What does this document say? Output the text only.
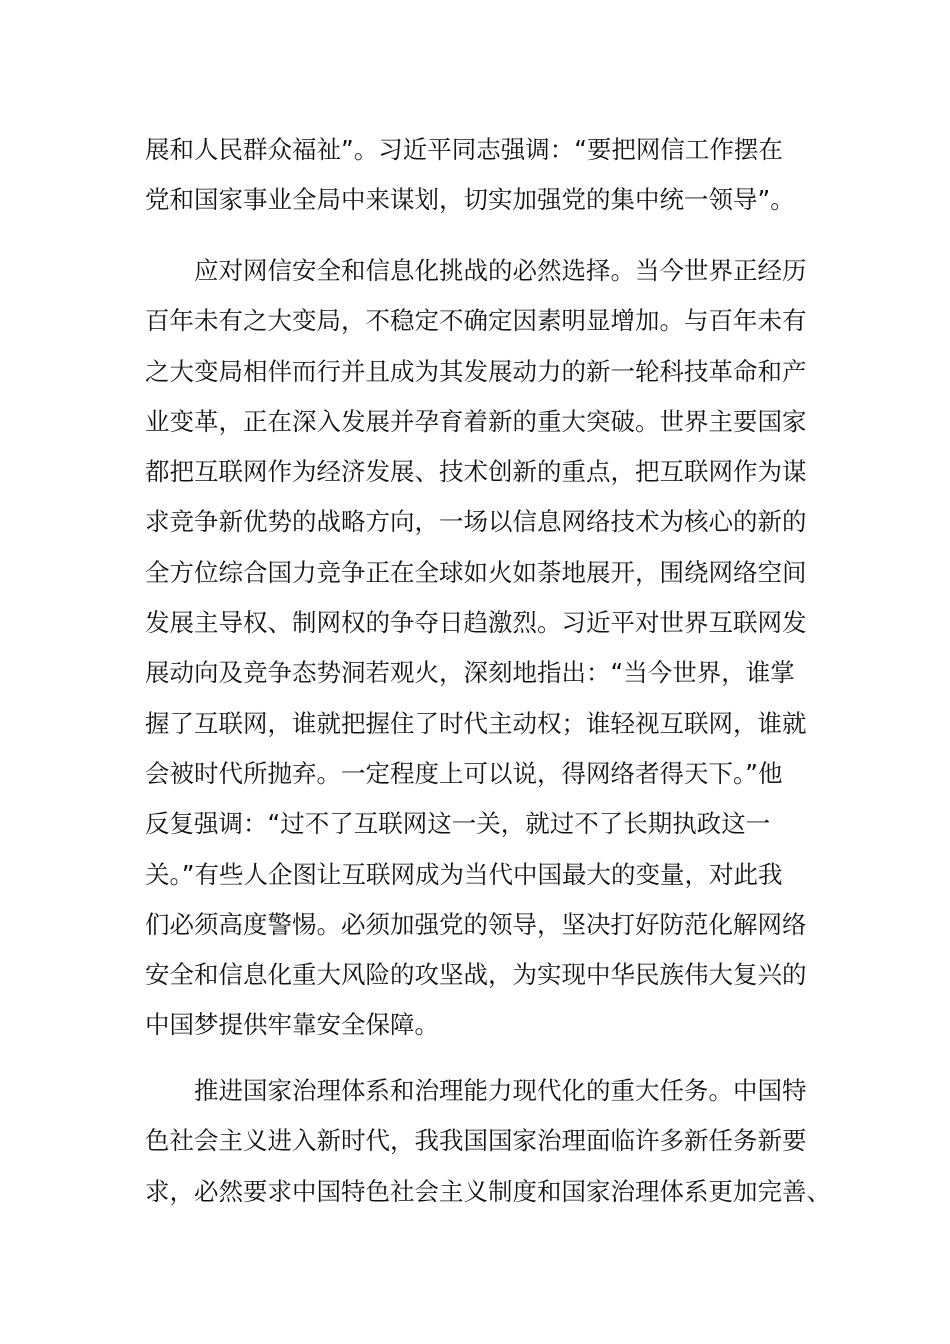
展和人民群众福祉”。习近平同志强调：“要把网信工作摆在
党和国家事业全局中来谋划，切实加强党的集中统一领导”。
　　应对网信安全和信息化挑战的必然选择。当今世界正经历
百年未有之大变局，不稳定不确定因素明显增加。与百年未有
之大变局相伴而行并且成为其发展动力的新一轮科技革命和产
业变革，正在深入发展并孕育着新的重大突破。世界主要国家
都把互联网作为经济发展、技术创新的重点，把互联网作为谋
求竞争新优势的战略方向，一场以信息网络技术为核心的新的
全方位综合国力竞争正在全球如火如荼地展开，围绕网络空间
发展主导权、制网权的争夺日趋激烈。习近平对世界互联网发
展动向及竞争态势洞若观火，深刻地指出：“当今世界，谁掌
握了互联网，谁就把握住了时代主动权；谁轻视互联网，谁就
会被时代所抛弃。一定程度上可以说，得网络者得天下。”他
反复强调：“过不了互联网这一关，就过不了长期执政这一
关。”有些人企图让互联网成为当代中国最大的变量，对此我
们必须高度警惕。必须加强党的领导，坚决打好防范化解网络
安全和信息化重大风险的攻坚战，为实现中华民族伟大复兴的
中国梦提供牢靠安全保障。
　　推进国家治理体系和治理能力现代化的重大任务。中国特
色社会主义进入新时代，我我国国家治理面临许多新任务新要
求，必然要求中国特色社会主义制度和国家治理体系更加完善、
